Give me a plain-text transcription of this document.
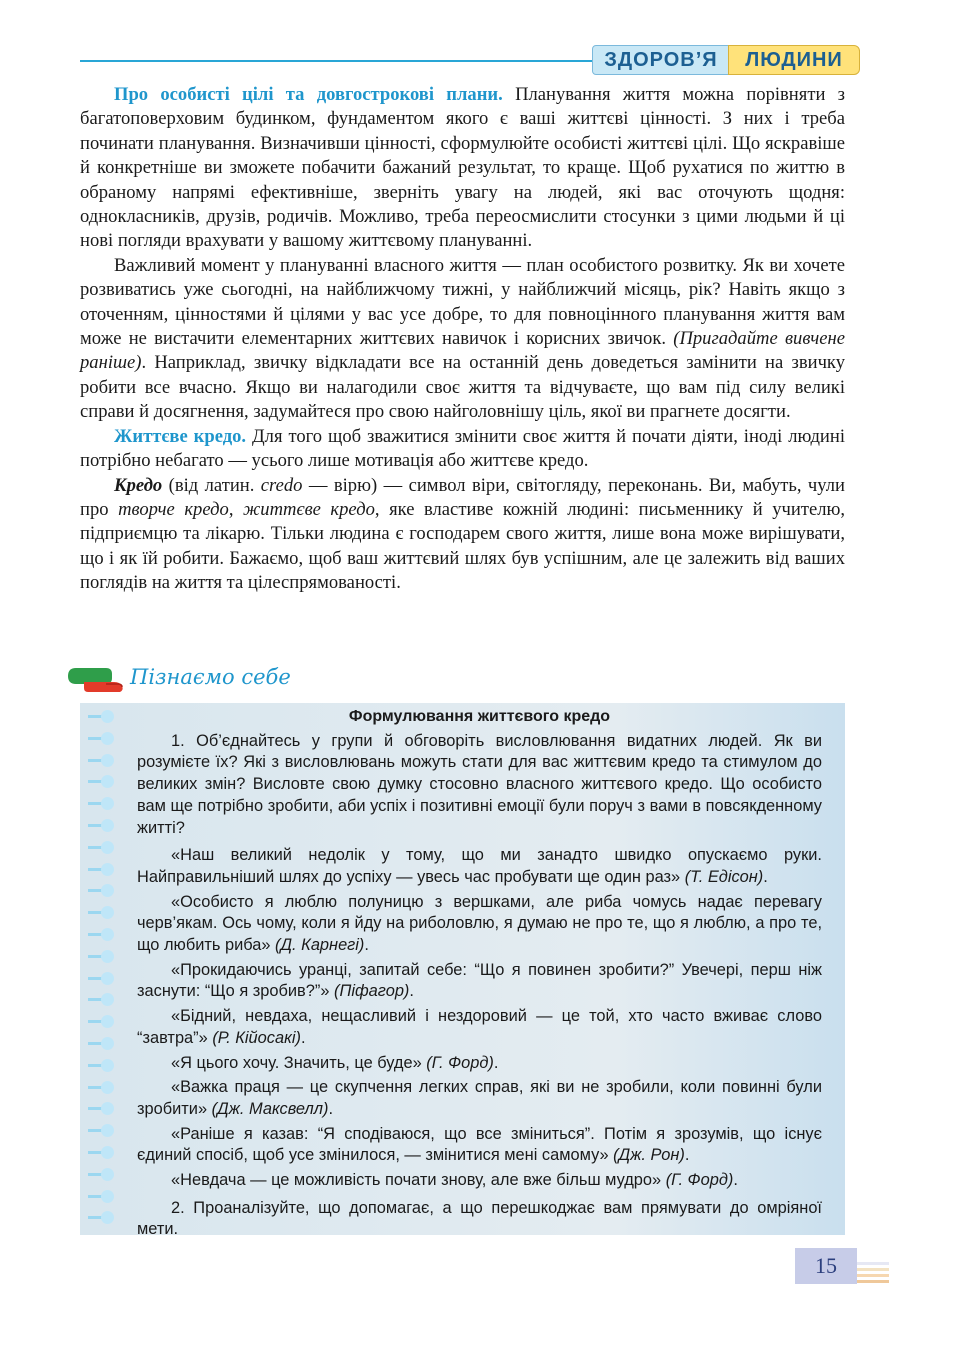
ЗДОРОВ’Я	ЛЮДИНИ

Про особисті цілі та довгострокові плани. Планування життя можна порівняти з багатоповерховим будинком, фундаментом якого є ваші життєві цінності. З них і треба починати планування. Визначивши цінності, сформулюйте особисті життєві цілі. Що яскравіше й конкретніше ви зможете побачити бажаний результат, то краще. Щоб рухатися по життю в обраному напрямі ефективніше, зверніть увагу на людей, які вас оточують щодня: однокласників, друзів, родичів. Можливо, треба переосмислити стосунки з цими людьми й ці нові погляди врахувати у вашому життєвому плануванні.

Важливий момент у плануванні власного життя — план особистого розвитку. Як ви хочете розвиватись уже сьогодні, на найближчому тижні, у найближчий місяць, рік? Навіть якщо з оточенням, цінностями й цілями у вас усе добре, то для повноцінного планування життя вам може не вистачити елементарних життєвих навичок і корисних звичок. (Пригадайте вивчене раніше). Наприклад, звичку відкладати все на останній день доведеться замінити на звичку робити все вчасно. Якщо ви налагодили своє життя та відчуваєте, що вам під силу великі справи й досягнення, задумайтеся про свою найголовнішу ціль, якої ви прагнете досягти.

Життєве кредо. Для того щоб зважитися змінити своє життя й почати діяти, іноді людині потрібно небагато — усього лише мотивація або життєве кредо.

Кредо (від латин. credo — вірю) — символ віри, світогляду, переконань. Ви, мабуть, чули про творче кредо, життєве кредо, яке властиве кожній людині: письменнику й учителю, підприємцю та лікарю. Тільки людина є господарем свого життя, лише вона може вирішувати, що і як їй робити. Бажаємо, щоб ваш життєвий шлях був успішним, але це залежить від ваших поглядів на життя та цілеспрямованості.

Пізнаємо себе
Формулювання життєвого кредо

1. Об’єднайтесь у групи й обговоріть висловлювання видатних людей. Як ви розумієте їх? Які з висловлювань можуть стати для вас життєвим кредо та стимулом до великих змін? Висловте свою думку стосовно власного життєвого кредо. Що особисто вам ще потрібно зробити, аби успіх і позитивні емоції були поруч з вами в повсякденному житті?

«Наш великий недолік у тому, що ми занадто швидко опускаємо руки. Найправильніший шлях до успіху — увесь час пробувати ще один раз» (Т. Едісон).

«Особисто я люблю полуницю з вершками, але риба чомусь надає перевагу черв’якам. Ось чому, коли я йду на риболовлю, я думаю не про те, що я люблю, а про те, що любить риба» (Д. Карнегі).

«Прокидаючись уранці, запитай себе: “Що я повинен зробити?” Увечері, перш ніж заснути: “Що я зробив?”» (Піфагор).

«Бідний, невдаха, нещасливий і нездоровий — це той, хто часто вживає слово “завтра”» (Р. Кійосакі).

«Я цього хочу. Значить, це буде» (Г. Форд).

«Важка праця — це скупчення легких справ, які ви не зробили, коли повинні були зробити» (Дж. Максвелл).

«Раніше я казав: “Я сподіваюся, що все зміниться”. Потім я зрозумів, що існує єдиний спосіб, щоб усе змінилося, — змінитися мені самому» (Дж. Рон).

«Невдача — це можливість почати знову, але вже більш мудро» (Г. Форд).

2. Проаналізуйте, що допомагає, а що перешкоджає вам прямувати до омріяної мети.

15
